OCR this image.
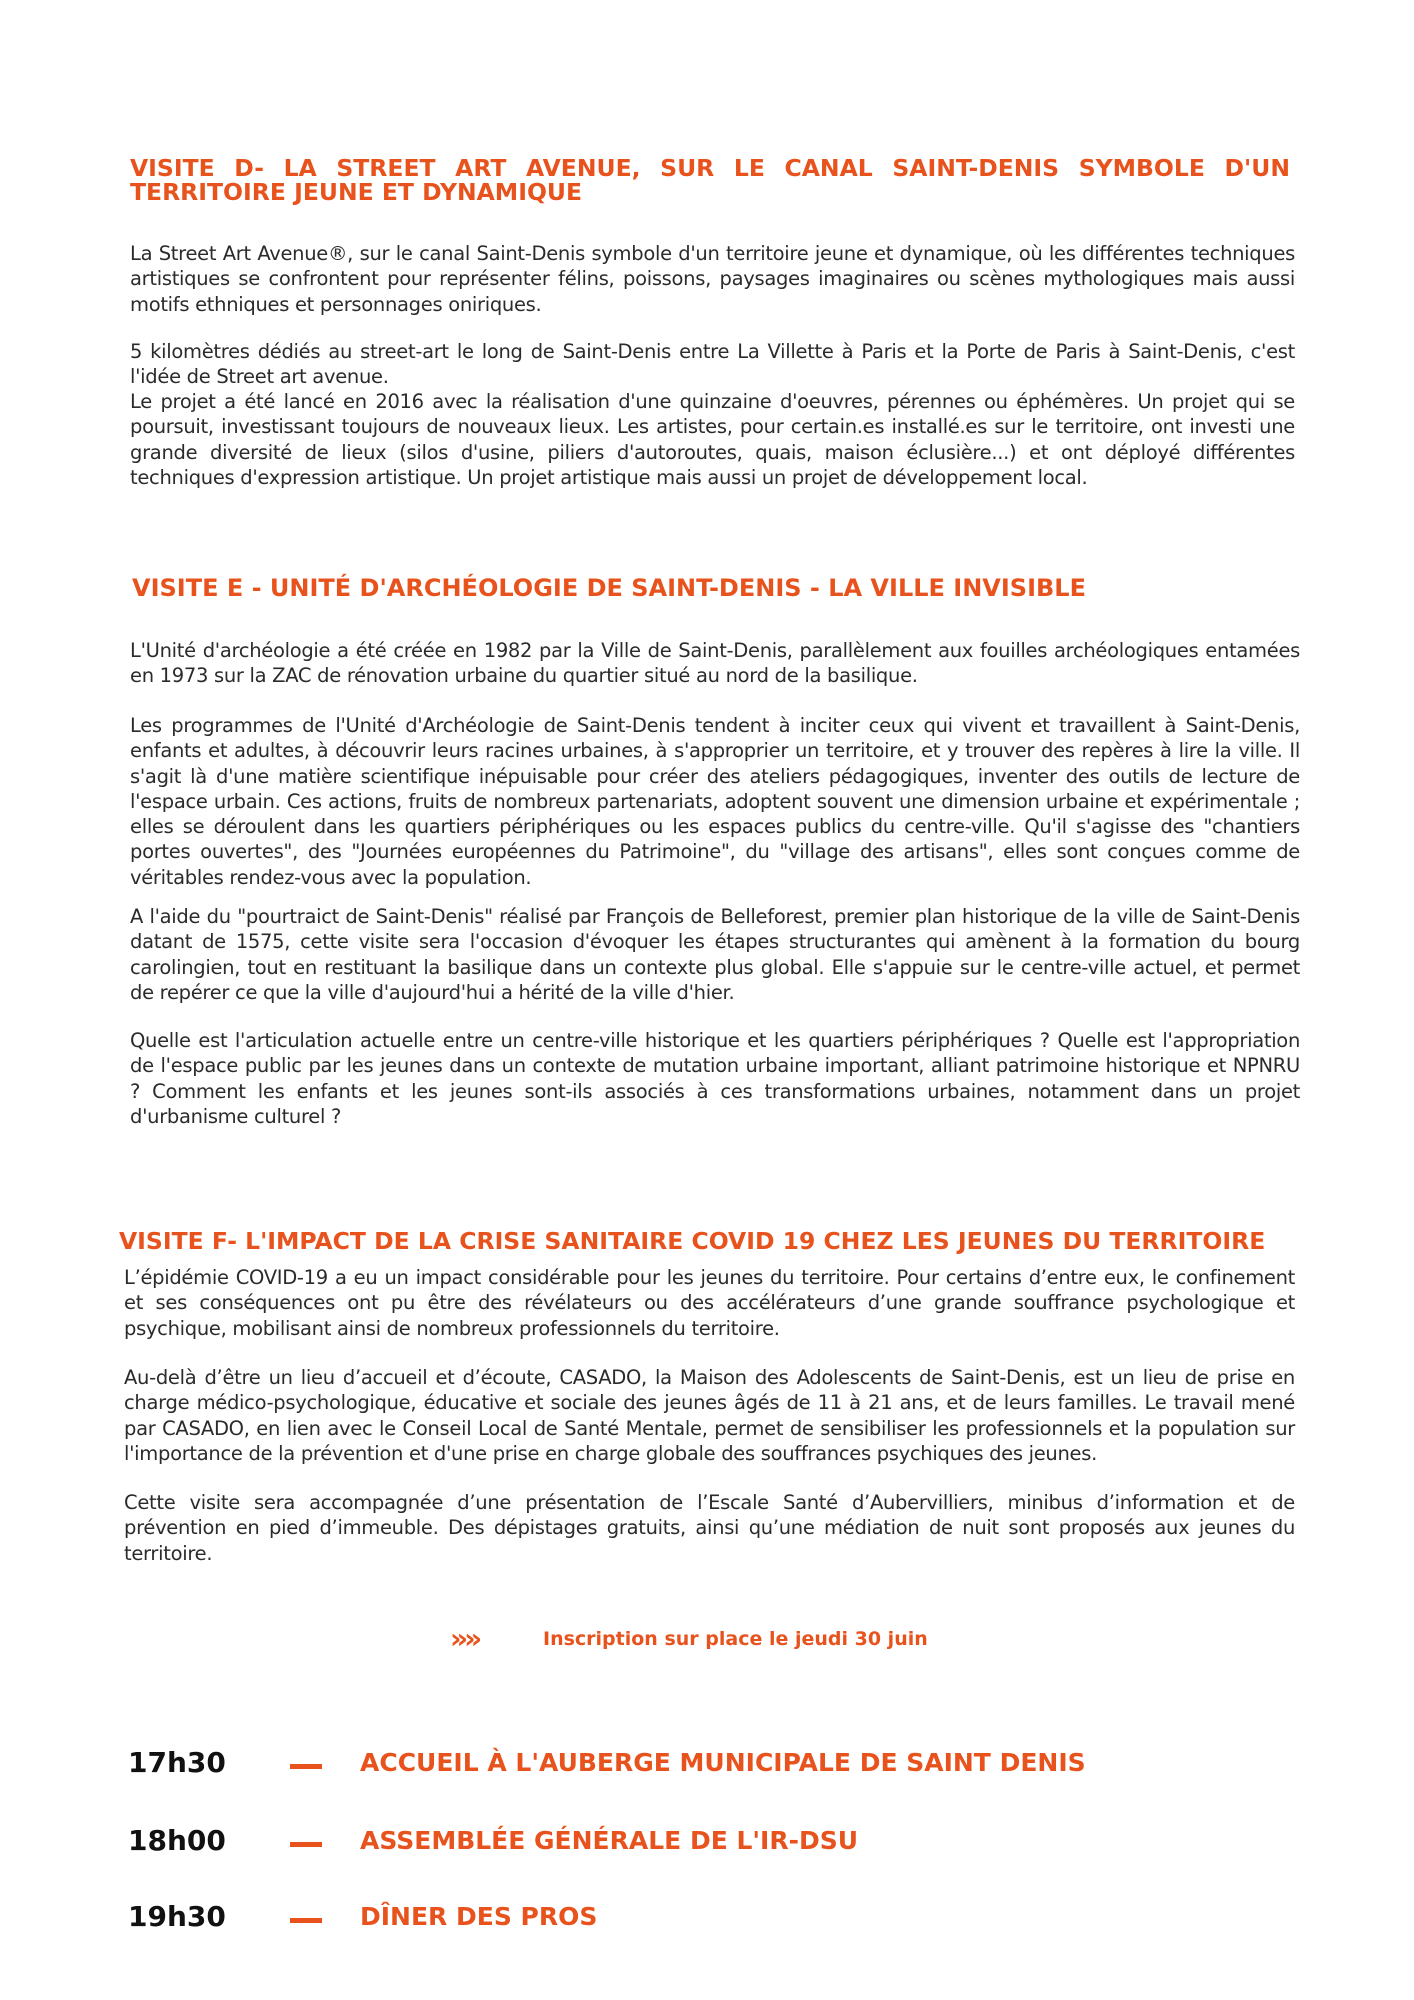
VISITE D- LA STREET ART AVENUE, SUR LE CANAL SAINT-DENIS SYMBOLE D'UN
TERRITOIRE JEUNE ET DYNAMIQUE

La Street Art Avenue®, sur le canal Saint-Denis symbole d'un territoire jeune et dynamique, où les différentes techniques artistiques se confrontent pour représenter félins, poissons, paysages imaginaires ou scènes mythologiques mais aussi motifs ethniques et personnages oniriques.

5 kilomètres dédiés au street-art le long de Saint-Denis entre La Villette à Paris et la Porte de Paris à Saint-Denis, c'est l'idée de Street art avenue.

Le projet a été lancé en 2016 avec la réalisation d'une quinzaine d'oeuvres, pérennes ou éphémères. Un projet qui se poursuit, investissant toujours de nouveaux lieux. Les artistes, pour certain.es installé.es sur le territoire, ont investi une grande diversité de lieux (silos d'usine, piliers d'autoroutes, quais, maison éclusière...) et ont déployé différentes techniques d'expression artistique. Un projet artistique mais aussi un projet de développement local.

VISITE E - UNITÉ D'ARCHÉOLOGIE DE SAINT-DENIS - LA VILLE INVISIBLE

L'Unité d'archéologie a été créée en 1982 par la Ville de Saint-Denis, parallèlement aux fouilles archéologiques entamées en 1973 sur la ZAC de rénovation urbaine du quartier situé au nord de la basilique.

Les programmes de l'Unité d'Archéologie de Saint-Denis tendent à inciter ceux qui vivent et travaillent à Saint-Denis, enfants et adultes, à découvrir leurs racines urbaines, à s'approprier un territoire, et y trouver des repères à lire la ville. Il s'agit là d'une matière scientifique inépuisable pour créer des ateliers pédagogiques, inventer des outils de lecture de l'espace urbain. Ces actions, fruits de nombreux partenariats, adoptent souvent une dimension urbaine et expérimentale ; elles se déroulent dans les quartiers périphériques ou les espaces publics du centre-ville. Qu'il s'agisse des "chantiers portes ouvertes", des "Journées européennes du Patrimoine", du "village des artisans", elles sont conçues comme de véritables rendez-vous avec la population.

A l'aide du "pourtraict de Saint-Denis" réalisé par François de Belleforest, premier plan historique de la ville de Saint-Denis datant de 1575, cette visite sera l'occasion d'évoquer les étapes structurantes qui amènent à la formation du bourg carolingien, tout en restituant la basilique dans un contexte plus global. Elle s'appuie sur le centre-ville actuel, et permet de repérer ce que la ville d'aujourd'hui a hérité de la ville d'hier.

Quelle est l'articulation actuelle entre un centre-ville historique et les quartiers périphériques ? Quelle est l'appropriation de l'espace public par les jeunes dans un contexte de mutation urbaine important, alliant patrimoine historique et NPNRU ? Comment les enfants et les jeunes sont-ils associés à ces transformations urbaines, notamment dans un projet d'urbanisme culturel ?

VISITE F- L'IMPACT DE LA CRISE SANITAIRE COVID 19 CHEZ LES JEUNES DU TERRITOIRE

L’épidémie COVID-19 a eu un impact considérable pour les jeunes du territoire. Pour certains d’entre eux, le confinement et ses conséquences ont pu être des révélateurs ou des accélérateurs d’une grande souffrance psychologique et psychique, mobilisant ainsi de nombreux professionnels du territoire.

Au-delà d’être un lieu d’accueil et d’écoute, CASADO, la Maison des Adolescents de Saint-Denis, est un lieu de prise en charge médico-psychologique, éducative et sociale des jeunes âgés de 11 à 21 ans, et de leurs familles. Le travail mené par CASADO, en lien avec le Conseil Local de Santé Mentale, permet de sensibiliser les professionnels et la population sur l'importance de la prévention et d'une prise en charge globale des souffrances psychiques des jeunes.

Cette visite sera accompagnée d’une présentation de l’Escale Santé d’Aubervilliers, minibus d’information et de prévention en pied d’immeuble. Des dépistages gratuits, ainsi qu’une médiation de nuit sont proposés aux jeunes du territoire.

»»	Inscription sur place le jeudi 30 juin
17h30	ACCUEIL À L'AUBERGE MUNICIPALE DE SAINT DENIS
18h00	ASSEMBLÉE GÉNÉRALE DE L'IR-DSU
19h30	DÎNER DES PROS
